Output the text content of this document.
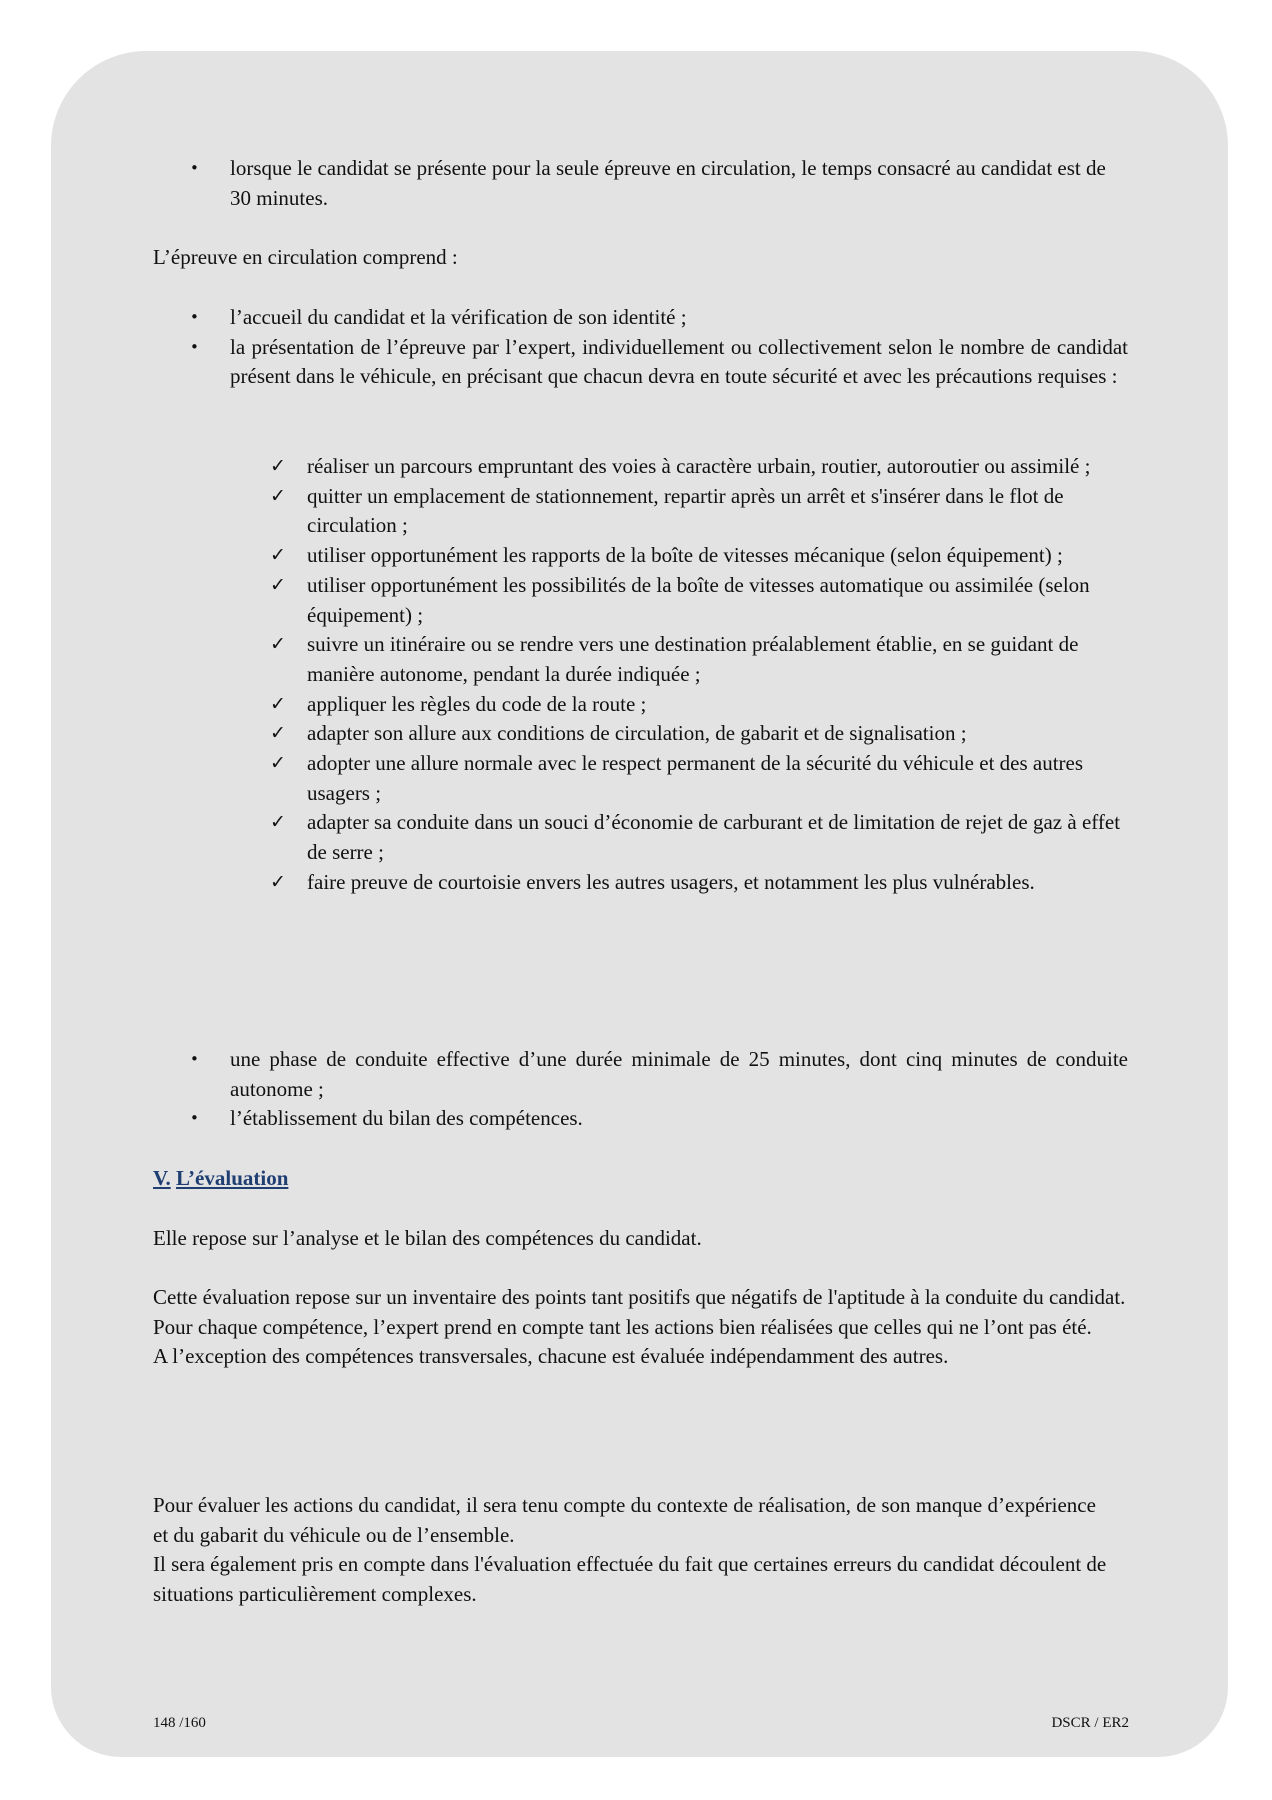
• lorsque le candidat se présente pour la seule épreuve en circulation, le temps consacré au candidat est de 30 minutes.

L’épreuve en circulation comprend :

• l’accueil du candidat et la vérification de son identité ;
• la présentation de l’épreuve par l’expert, individuellement ou collectivement selon le nombre de candidat présent dans le véhicule, en précisant que chacun devra en toute sécurité et avec les précautions requises :
✓ réaliser un parcours empruntant des voies à caractère urbain, routier, autoroutier ou assimilé ;
✓ quitter un emplacement de stationnement, repartir après un arrêt et s'insérer dans le flot de circulation ;
✓ utiliser opportunément les rapports de la boîte de vitesses mécanique (selon équipement) ;
✓ utiliser opportunément les possibilités de la boîte de vitesses automatique ou assimilée (selon équipement) ;
✓ suivre un itinéraire ou se rendre vers une destination préalablement établie, en se guidant de manière autonome, pendant la durée indiquée ;
✓ appliquer les règles du code de la route ;
✓ adapter son allure aux conditions de circulation, de gabarit et de signalisation ;
✓ adopter une allure normale avec le respect permanent de la sécurité du véhicule et des autres usagers ;
✓ adapter sa conduite dans un souci d’économie de carburant et de limitation de rejet de gaz à effet de serre ;
✓ faire preuve de courtoisie envers les autres usagers, et notamment les plus vulnérables.
• une phase de conduite effective d’une durée minimale de 25 minutes, dont cinq minutes de conduite autonome ;
• l’établissement du bilan des compétences.
V. L’évaluation

Elle repose sur l’analyse et le bilan des compétences du candidat.

Cette évaluation repose sur un inventaire des points tant positifs que négatifs de l'aptitude à la conduite du candidat.

Pour chaque compétence, l’expert prend en compte tant les actions bien réalisées que celles qui ne l’ont pas été.

A l’exception des compétences transversales, chacune est évaluée indépendamment des autres.

Pour évaluer les actions du candidat, il sera tenu compte du contexte de réalisation, de son manque d’expérience et du gabarit du véhicule ou de l’ensemble.

Il sera également pris en compte dans l'évaluation effectuée du fait que certaines erreurs du candidat découlent de situations particulièrement complexes.

148 /160	DSCR / ER2
